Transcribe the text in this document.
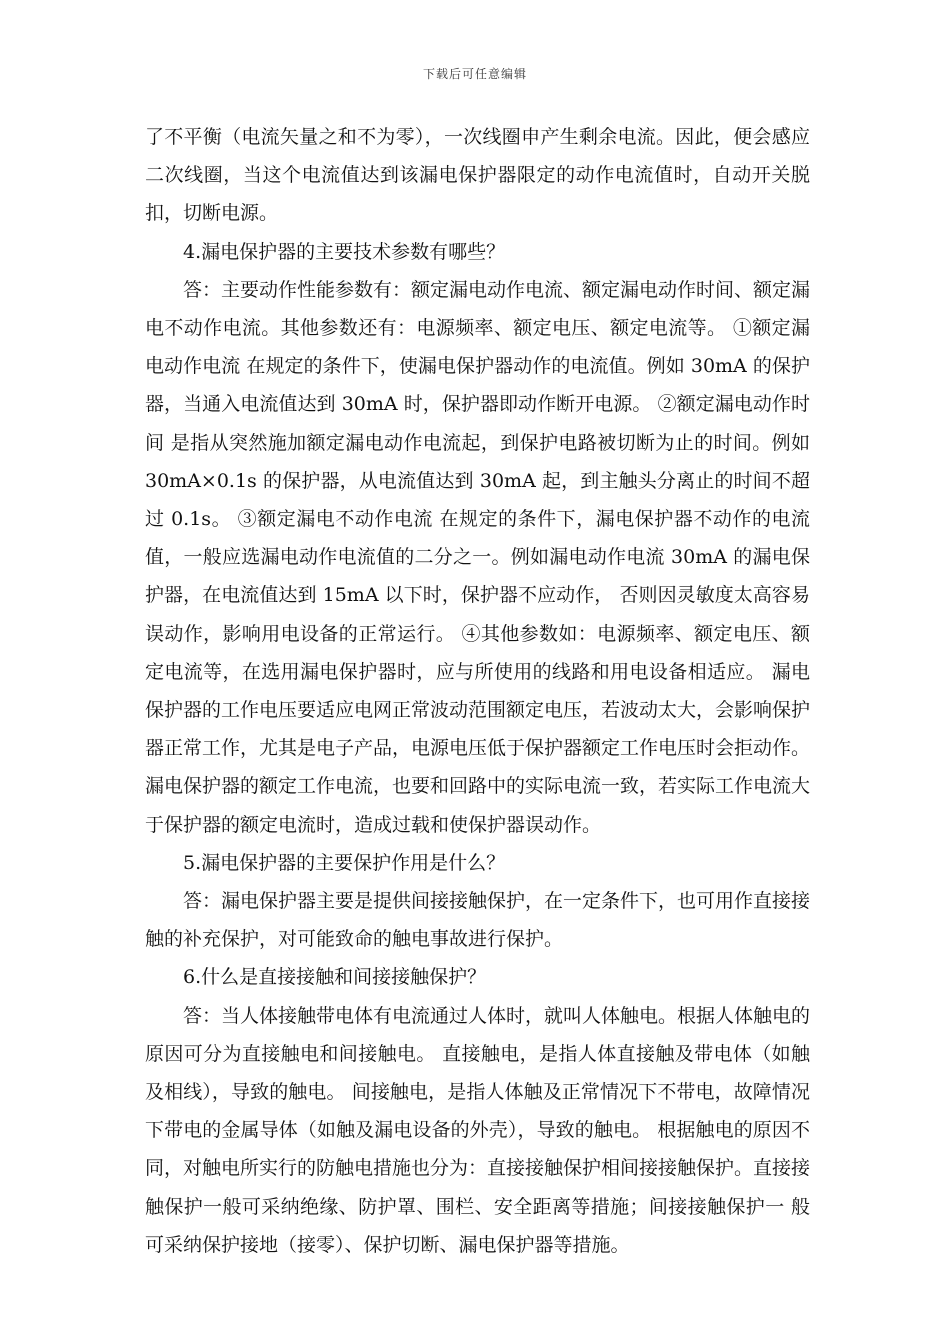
下载后可任意编辑

了不平衡（电流矢量之和不为零），一次线圈申产生剩余电流。因此，便会感应二次线圈，当这个电流值达到该漏电保护器限定的动作电流值时，自动开关脱扣，切断电源。

4.漏电保护器的主要技术参数有哪些？

答：主要动作性能参数有：额定漏电动作电流、额定漏电动作时间、额定漏电不动作电流。其他参数还有：电源频率、额定电压、额定电流等。 ①额定漏电动作电流 在规定的条件下，使漏电保护器动作的电流值。例如 30mA 的保护器，当通入电流值达到 30mA 时，保护器即动作断开电源。 ②额定漏电动作时间 是指从突然施加额定漏电动作电流起，到保护电路被切断为止的时间。例如 30mA×0.1s 的保护器，从电流值达到 30mA 起，到主触头分离止的时间不超过 0.1s。 ③额定漏电不动作电流 在规定的条件下，漏电保护器不动作的电流值，一般应选漏电动作电流值的二分之一。例如漏电动作电流 30mA 的漏电保护器，在电流值达到 15mA 以下时，保护器不应动作， 否则因灵敏度太高容易误动作，影响用电设备的正常运行。 ④其他参数如：电源频率、额定电压、额定电流等，在选用漏电保护器时，应与所使用的线路和用电设备相适应。 漏电保护器的工作电压要适应电网正常波动范围额定电压，若波动太大，会影响保护器正常工作，尤其是电子产品，电源电压低于保护器额定工作电压时会拒动作。 漏电保护器的额定工作电流，也要和回路中的实际电流一致，若实际工作电流大于保护器的额定电流时，造成过载和使保护器误动作。

5.漏电保护器的主要保护作用是什么？

答：漏电保护器主要是提供间接接触保护，在一定条件下，也可用作直接接触的补充保护，对可能致命的触电事故进行保护。

6.什么是直接接触和间接接触保护？

答：当人体接触带电体有电流通过人体时，就叫人体触电。根据人体触电的原因可分为直接触电和间接触电。 直接触电，是指人体直接触及带电体（如触及相线），导致的触电。 间接触电，是指人体触及正常情况下不带电，故障情况下带电的金属导体（如触及漏电设备的外壳），导致的触电。 根据触电的原因不同，对触电所实行的防触电措施也分为：直接接触保护相间接接触保护。直接接触保护一般可采纳绝缘、防护罩、围栏、安全距离等措施；间接接触保护一 般可采纳保护接地（接零）、保护切断、漏电保护器等措施。
